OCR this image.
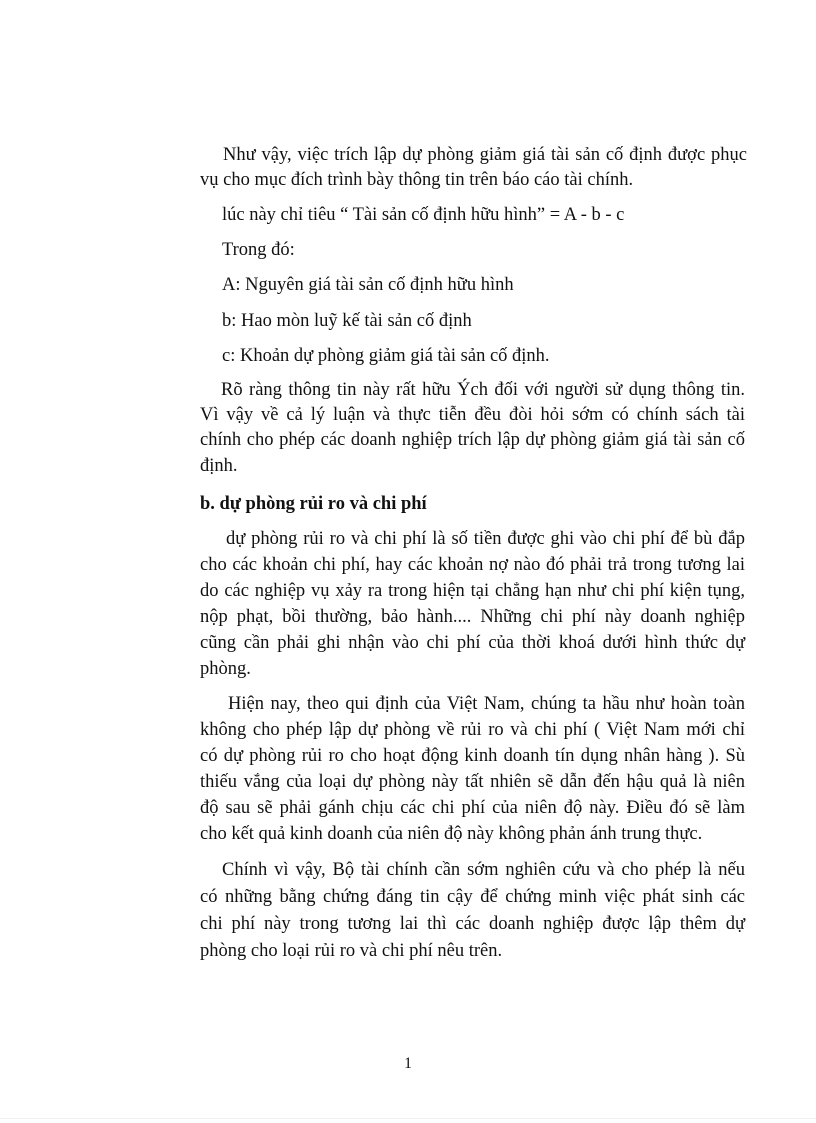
Như vậy, việc trích lập dự phòng giảm giá tài sản cố định được phục
vụ cho mục đích trình bày thông tin trên báo cáo tài chính.
lúc này chỉ tiêu “ Tài sản cố định hữu hình” = A - b - c
Trong đó:
A: Nguyên giá tài sản cố định hữu hình
b: Hao mòn luỹ kế tài sản cố định
c: Khoản dự phòng giảm giá tài sản cố định.
Rõ ràng thông tin này rất hữu Ých đối với người sử dụng thông tin.
Vì vậy về cả lý luận và thực tiễn đều đòi hỏi sớm có chính sách tài
chính cho phép các doanh nghiệp trích lập dự phòng giảm giá tài sản cố
định.
b. dự phòng rủi ro và chi phí
dự phòng rủi ro và chi phí là số tiền được ghi vào chi phí để bù đắp
cho các khoản chi phí, hay các khoản nợ nào đó phải trả trong tương lai
do các nghiệp vụ xảy ra trong hiện tại chẳng hạn như chi phí kiện tụng,
nộp phạt, bồi thường, bảo hành.... Những chi phí này doanh nghiệp
cũng cần phải ghi nhận vào chi phí của thời khoá dưới hình thức dự
phòng.
Hiện nay, theo qui định của Việt Nam, chúng ta hầu như hoàn toàn
không cho phép lập dự phòng về rủi ro và chi phí ( Việt Nam mới chỉ
có dự phòng rủi ro cho hoạt động kinh doanh tín dụng nhân hàng ). Sù
thiếu vắng của loại dự phòng này tất nhiên sẽ dẫn đến hậu quả là niên
độ sau sẽ phải gánh chịu các chi phí của niên độ này. Điều đó sẽ làm
cho kết quả kinh doanh của niên độ này không phản ánh trung thực.
Chính vì vậy, Bộ tài chính cần sớm nghiên cứu và cho phép là nếu
có những bằng chứng đáng tin cậy để chứng minh việc phát sinh các
chi phí này trong tương lai thì các doanh nghiệp được lập thêm dự
phòng cho loại rủi ro và chi phí nêu trên.
1
